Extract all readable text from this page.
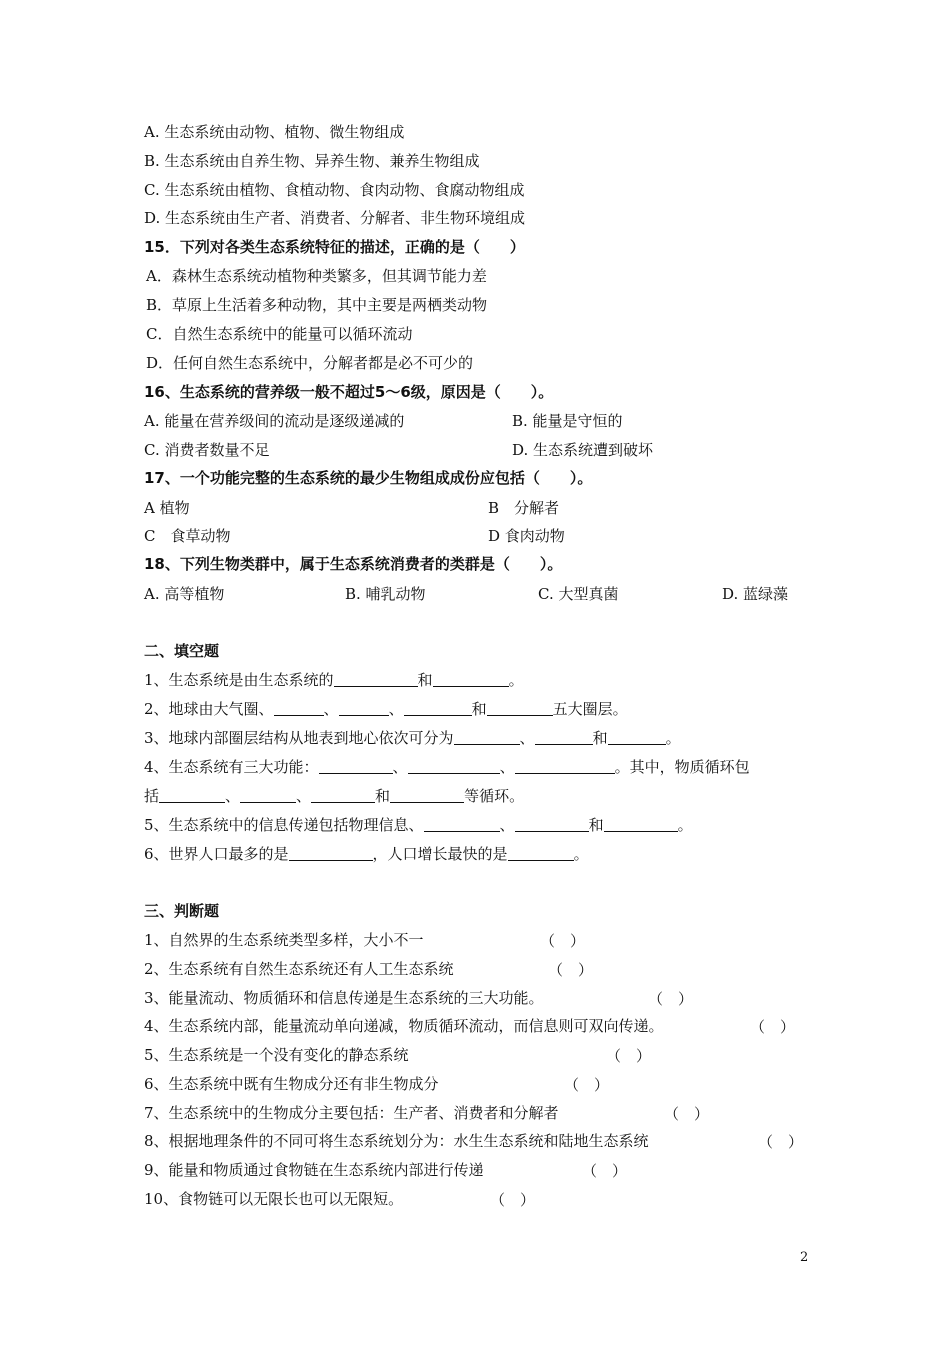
A. 生态系统由动物、植物、微生物组成
B. 生态系统由自养生物、异养生物、兼养生物组成
C. 生态系统由植物、食植动物、食肉动物、食腐动物组成
D. 生态系统由生产者、消费者、分解者、非生物环境组成
15．下列对各类生态系统特征的描述，正确的是（　　）
A．森林生态系统动植物种类繁多，但其调节能力差
B．草原上生活着多种动物，其中主要是两栖类动物
C．自然生态系统中的能量可以循环流动
D．任何自然生态系统中，分解者都是必不可少的
16、生态系统的营养级一般不超过5～6级，原因是（　　）。
A. 能量在营养级间的流动是逐级递减的	B. 能量是守恒的
C. 消费者数量不足	D. 生态系统遭到破坏
17、一个功能完整的生态系统的最少生物组成成份应包括（　　）。
A 植物	B　分解者
C　食草动物	D 食肉动物
18、下列生物类群中，属于生态系统消费者的类群是（　　）。
A. 高等植物	B. 哺乳动物	C. 大型真菌	D. 蓝绿藻
二、填空题
1、生态系统是由生态系统的	和	。
2、地球由大气圈、	、	、	和	五大圈层。
3、地球内部圈层结构从地表到地心依次可分为	、	和	。
4、生态系统有三大功能：	、	、	。其中，物质循环包
括	、	、	和	等循环。
5、生态系统中的信息传递包括物理信息、	、	和	。
6、世界人口最多的是	，人口增长最快的是	。
三、判断题
1、自然界的生态系统类型多样，大小不一	（　）
2、生态系统有自然生态系统还有人工生态系统	（　）
3、能量流动、物质循环和信息传递是生态系统的三大功能。	（　）
4、生态系统内部，能量流动单向递减，物质循环流动，而信息则可双向传递。	（　）
5、生态系统是一个没有变化的静态系统	（　）
6、生态系统中既有生物成分还有非生物成分	（　）
7、生态系统中的生物成分主要包括：生产者、消费者和分解者	（　）
8、根据地理条件的不同可将生态系统划分为：水生生态系统和陆地生态系统	（　）
9、能量和物质通过食物链在生态系统内部进行传递	（　）
10、食物链可以无限长也可以无限短。	（　）
2
